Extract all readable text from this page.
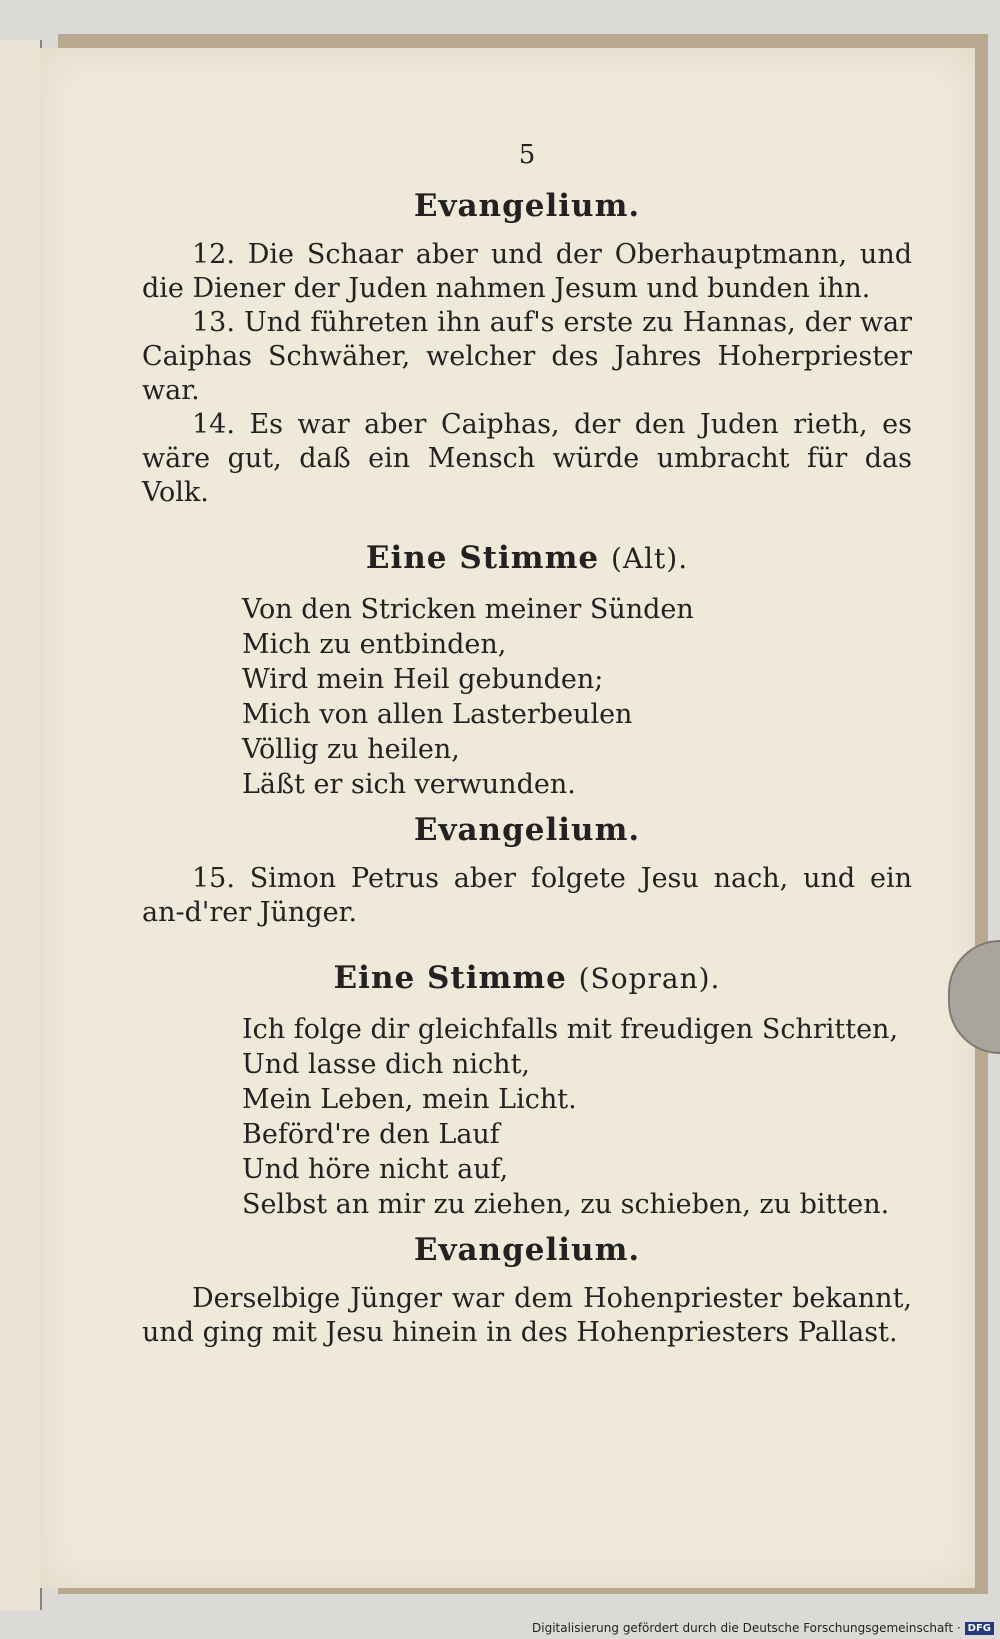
5
Evangelium.

12. Die Schaar aber und der Oberhauptmann, und die Diener der Juden nahmen Jesum und bunden ihn.

13. Und führeten ihn auf's erste zu Hannas, der war Caiphas Schwäher, welcher des Jahres Hoherpriester war.

14. Es war aber Caiphas, der den Juden rieth, es wäre gut, daß ein Mensch würde umbracht für das Volk.

Eine Stimme (Alt).
Von den Stricken meiner Sünden
Mich zu entbinden,
Wird mein Heil gebunden;
Mich von allen Lasterbeulen
Völlig zu heilen,
Läßt er sich verwunden.
Evangelium.

15. Simon Petrus aber folgete Jesu nach, und ein an-d'rer Jünger.

Eine Stimme (Sopran).
Ich folge dir gleichfalls mit freudigen Schritten,
Und lasse dich nicht,
Mein Leben, mein Licht.
Beförd're den Lauf
Und höre nicht auf,
Selbst an mir zu ziehen, zu schieben, zu bitten.
Evangelium.

Derselbige Jünger war dem Hohenpriester bekannt, und ging mit Jesu hinein in des Hohenpriesters Pallast.

Digitalisierung gefördert durch die Deutsche Forschungsgemeinschaft · DFG
